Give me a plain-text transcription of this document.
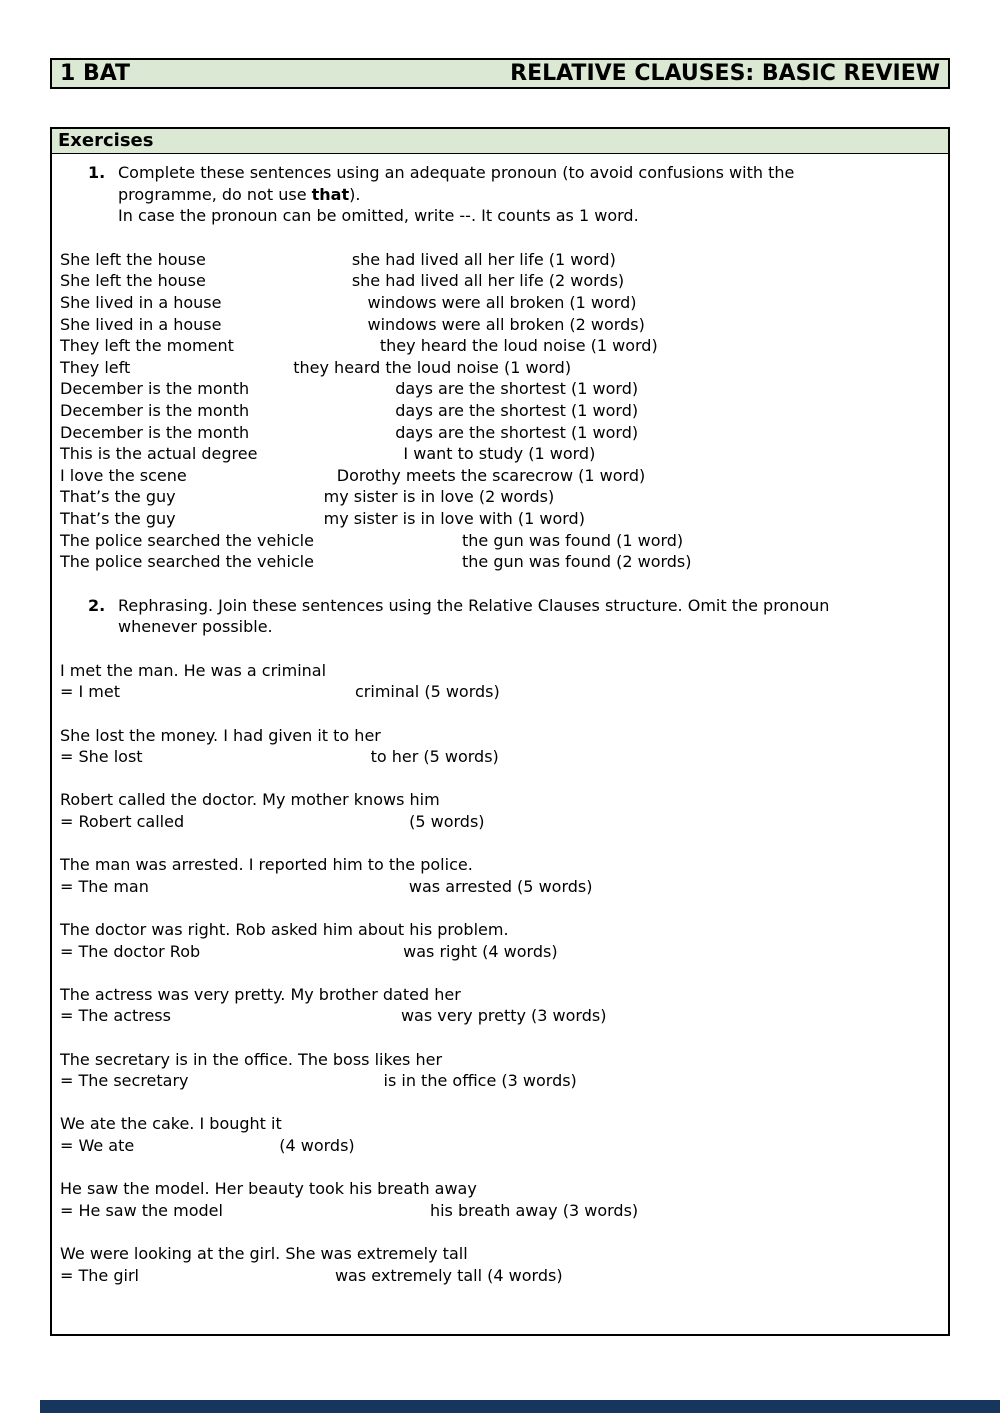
1 BAT	RELATIVE CLAUSES: BASIC REVIEW
Exercises
1. Complete these sentences using an adequate pronoun (to avoid confusions with the
programme, do not use that).
In case the pronoun can be omitted, write --. It counts as 1 word.
She left the house	she had lived all her life (1 word)
She left the house	she had lived all her life (2 words)
She lived in a house	windows were all broken (1 word)
She lived in a house	windows were all broken (2 words)
They left the moment	they heard the loud noise (1 word)
They left	they heard the loud noise (1 word)
December is the month	days are the shortest (1 word)
December is the month	days are the shortest (1 word)
December is the month	days are the shortest (1 word)
This is the actual degree	I want to study (1 word)
I love the scene	Dorothy meets the scarecrow (1 word)
That’s the guy	my sister is in love (2 words)
That’s the guy	my sister is in love with (1 word)
The police searched the vehicle	the gun was found (1 word)
The police searched the vehicle	the gun was found (2 words)
2. Rephrasing. Join these sentences using the Relative Clauses structure. Omit the pronoun
whenever possible.
I met the man. He was a criminal
= I met	criminal (5 words)
She lost the money. I had given it to her
= She lost	to her (5 words)
Robert called the doctor. My mother knows him
= Robert called	(5 words)
The man was arrested. I reported him to the police.
= The man	was arrested (5 words)
The doctor was right. Rob asked him about his problem.
= The doctor Rob	was right (4 words)
The actress was very pretty. My brother dated her
= The actress	was very pretty (3 words)
The secretary is in the office. The boss likes her
= The secretary	is in the office (3 words)
We ate the cake. I bought it
= We ate	(4 words)
He saw the model. Her beauty took his breath away
= He saw the model	his breath away (3 words)
We were looking at the girl. She was extremely tall
= The girl	was extremely tall (4 words)
